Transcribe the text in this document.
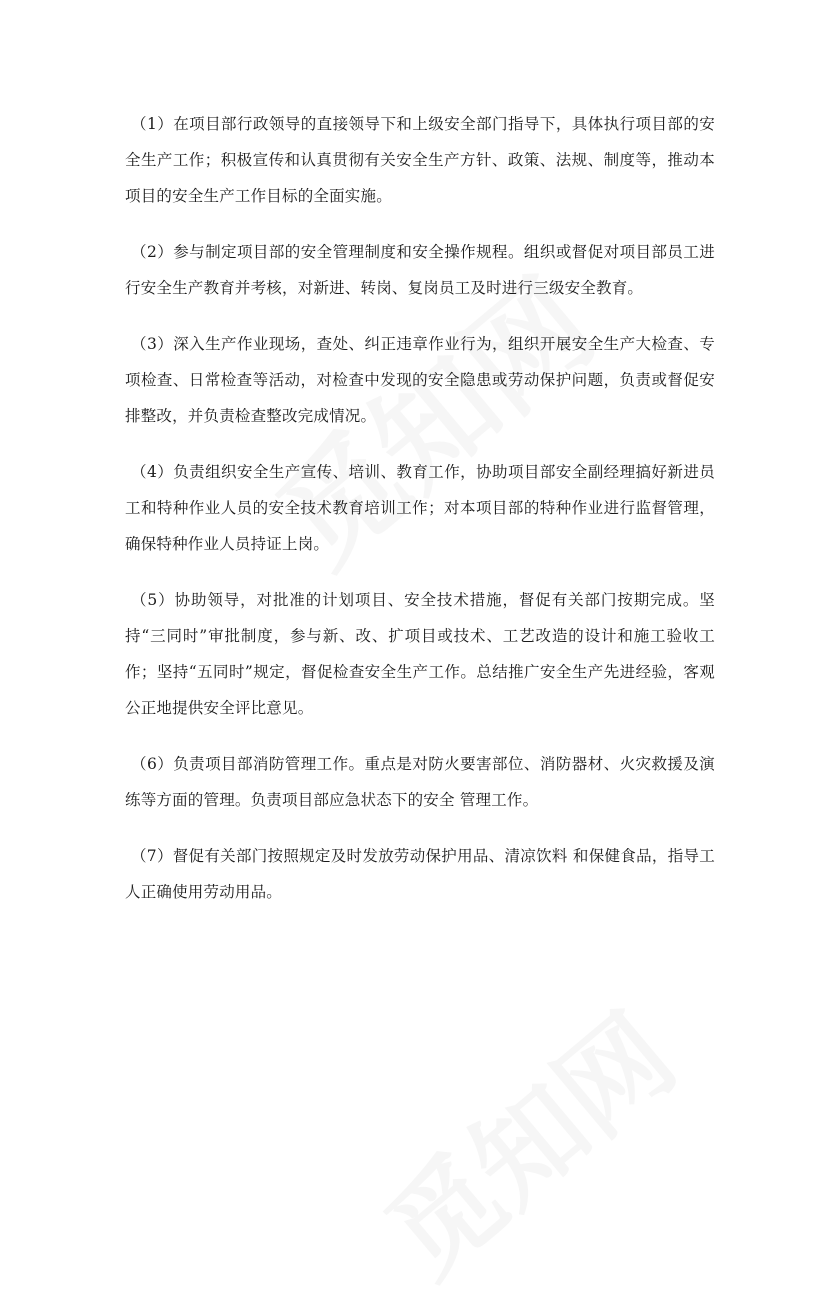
（1）在项目部行政领导的直接领导下和上级安全部门指导下，具体执行项目部的安全生产工作；积极宣传和认真贯彻有关安全生产方针、政策、法规、制度等，推动本项目的安全生产工作目标的全面实施。

（2）参与制定项目部的安全管理制度和安全操作规程。组织或督促对项目部员工进行安全生产教育并考核，对新进、转岗、复岗员工及时进行三级安全教育。

（3）深入生产作业现场，查处、纠正违章作业行为，组织开展安全生产大检查、专项检查、日常检查等活动，对检查中发现的安全隐患或劳动保护问题，负责或督促安排整改，并负责检查整改完成情况。

（4）负责组织安全生产宣传、培训、教育工作，协助项目部安全副经理搞好新进员工和特种作业人员的安全技术教育培训工作；对本项目部的特种作业进行监督管理，确保特种作业人员持证上岗。

（5）协助领导，对批准的计划项目、安全技术措施，督促有关部门按期完成。坚持“三同时”审批制度，参与新、改、扩项目或技术、工艺改造的设计和施工验收工作；坚持“五同时”规定，督促检查安全生产工作。总结推广安全生产先进经验，客观公正地提供安全评比意见。

（6）负责项目部消防管理工作。重点是对防火要害部位、消防器材、火灾救援及演练等方面的管理。负责项目部应急状态下的安全 管理工作。

（7）督促有关部门按照规定及时发放劳动保护用品、清凉饮料 和保健食品，指导工人正确使用劳动用品。
